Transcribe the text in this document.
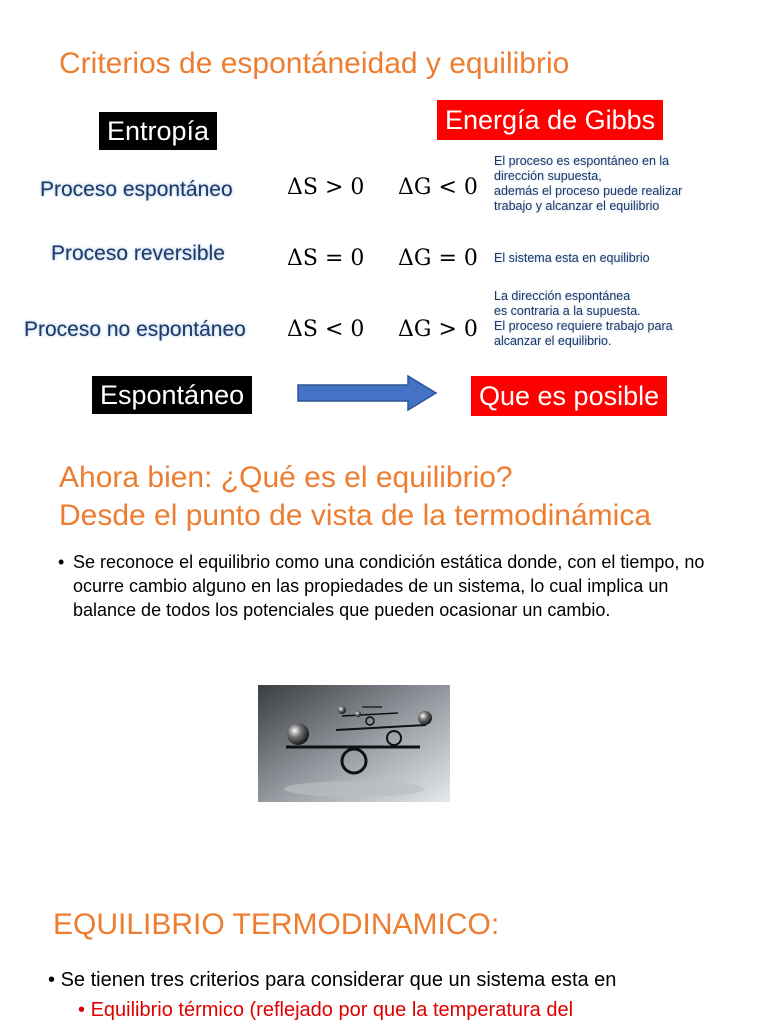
Criterios de espontáneidad y equilibrio
Entropía	Energía de Gibbs
Proceso espontáneo ΔS > 0 ΔG < 0
El proceso es espontáneo en la
dirección supuesta,
además el proceso puede realizar
trabajo y alcanzar el equilibrio
Proceso reversible	ΔS = 0 ΔG = 0 El sistema esta en equilibrio
Proceso no espontáneo ΔS < 0 ΔG > 0
La dirección espontánea
es contraria a la supuesta.
El proceso requiere trabajo para
alcanzar el equilibrio.
Espontáneo	Que es posible
Ahora bien: ¿Qué es el equilibrio?
Desde el punto de vista de la termodinámica
• Se reconoce el equilibrio como una condición estática donde, con el tiempo, no ocurre cambio alguno en las propiedades de un sistema, lo cual implica un balance de todos los potenciales que pueden ocasionar un cambio.
EQUILIBRIO TERMODINAMICO:
• Se tienen tres criterios para considerar que un sistema esta en
• Equilibrio térmico (reflejado por que la temperatura del
